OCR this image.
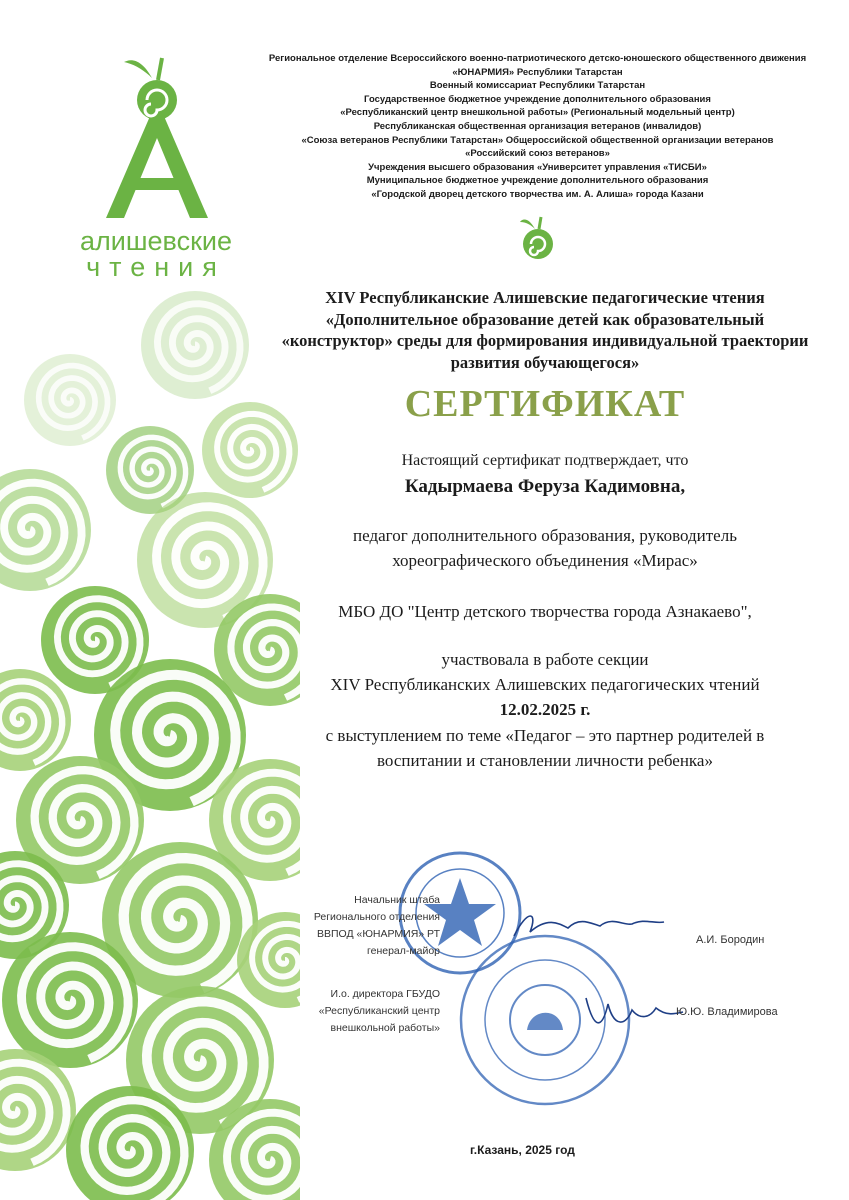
алишевские
чтения
Региональное отделение Всероссийского военно-патриотического детско-юношеского общественного движения
«ЮНАРМИЯ» Республики Татарстан
Военный комиссариат Республики Татарстан
Государственное бюджетное учреждение дополнительного образования
«Республиканский центр внешкольной работы» (Региональный модельный центр)
Республиканская общественная организация ветеранов (инвалидов)
«Союза ветеранов Республики Татарстан» Общероссийской общественной организации ветеранов
«Российский союз ветеранов»
Учреждения высшего образования «Университет управления «ТИСБИ»
Муниципальное бюджетное учреждение дополнительного образования
«Городской дворец детского творчества им. А. Алиша» города Казани
XIV Республиканские Алишевские педагогические чтения
«Дополнительное образование детей как образовательный
«конструктор» среды для формирования индивидуальной траектории
развития обучающегося»
СЕРТИФИКАТ
Настоящий сертификат подтверждает, что
Кадырмаева Феруза Кадимовна,
педагог дополнительного образования, руководитель
хореографического объединения «Мирас»
МБО ДО "Центр детского творчества города Азнакаево",
участвовала в работе секции
XIV Республиканских Алишевских педагогических чтений
12.02.2025 г.
с выступлением по теме «Педагог – это партнер родителей в
воспитании и становлении личности ребенка»
Начальник штаба
Регионального отделения
ВВПОД «ЮНАРМИЯ» РТ
генерал-майор
А.И. Бородин
И.о. директора ГБУДО
«Республиканский центр
внешкольной работы»
Ю.Ю. Владимирова
г.Казань, 2025 год
